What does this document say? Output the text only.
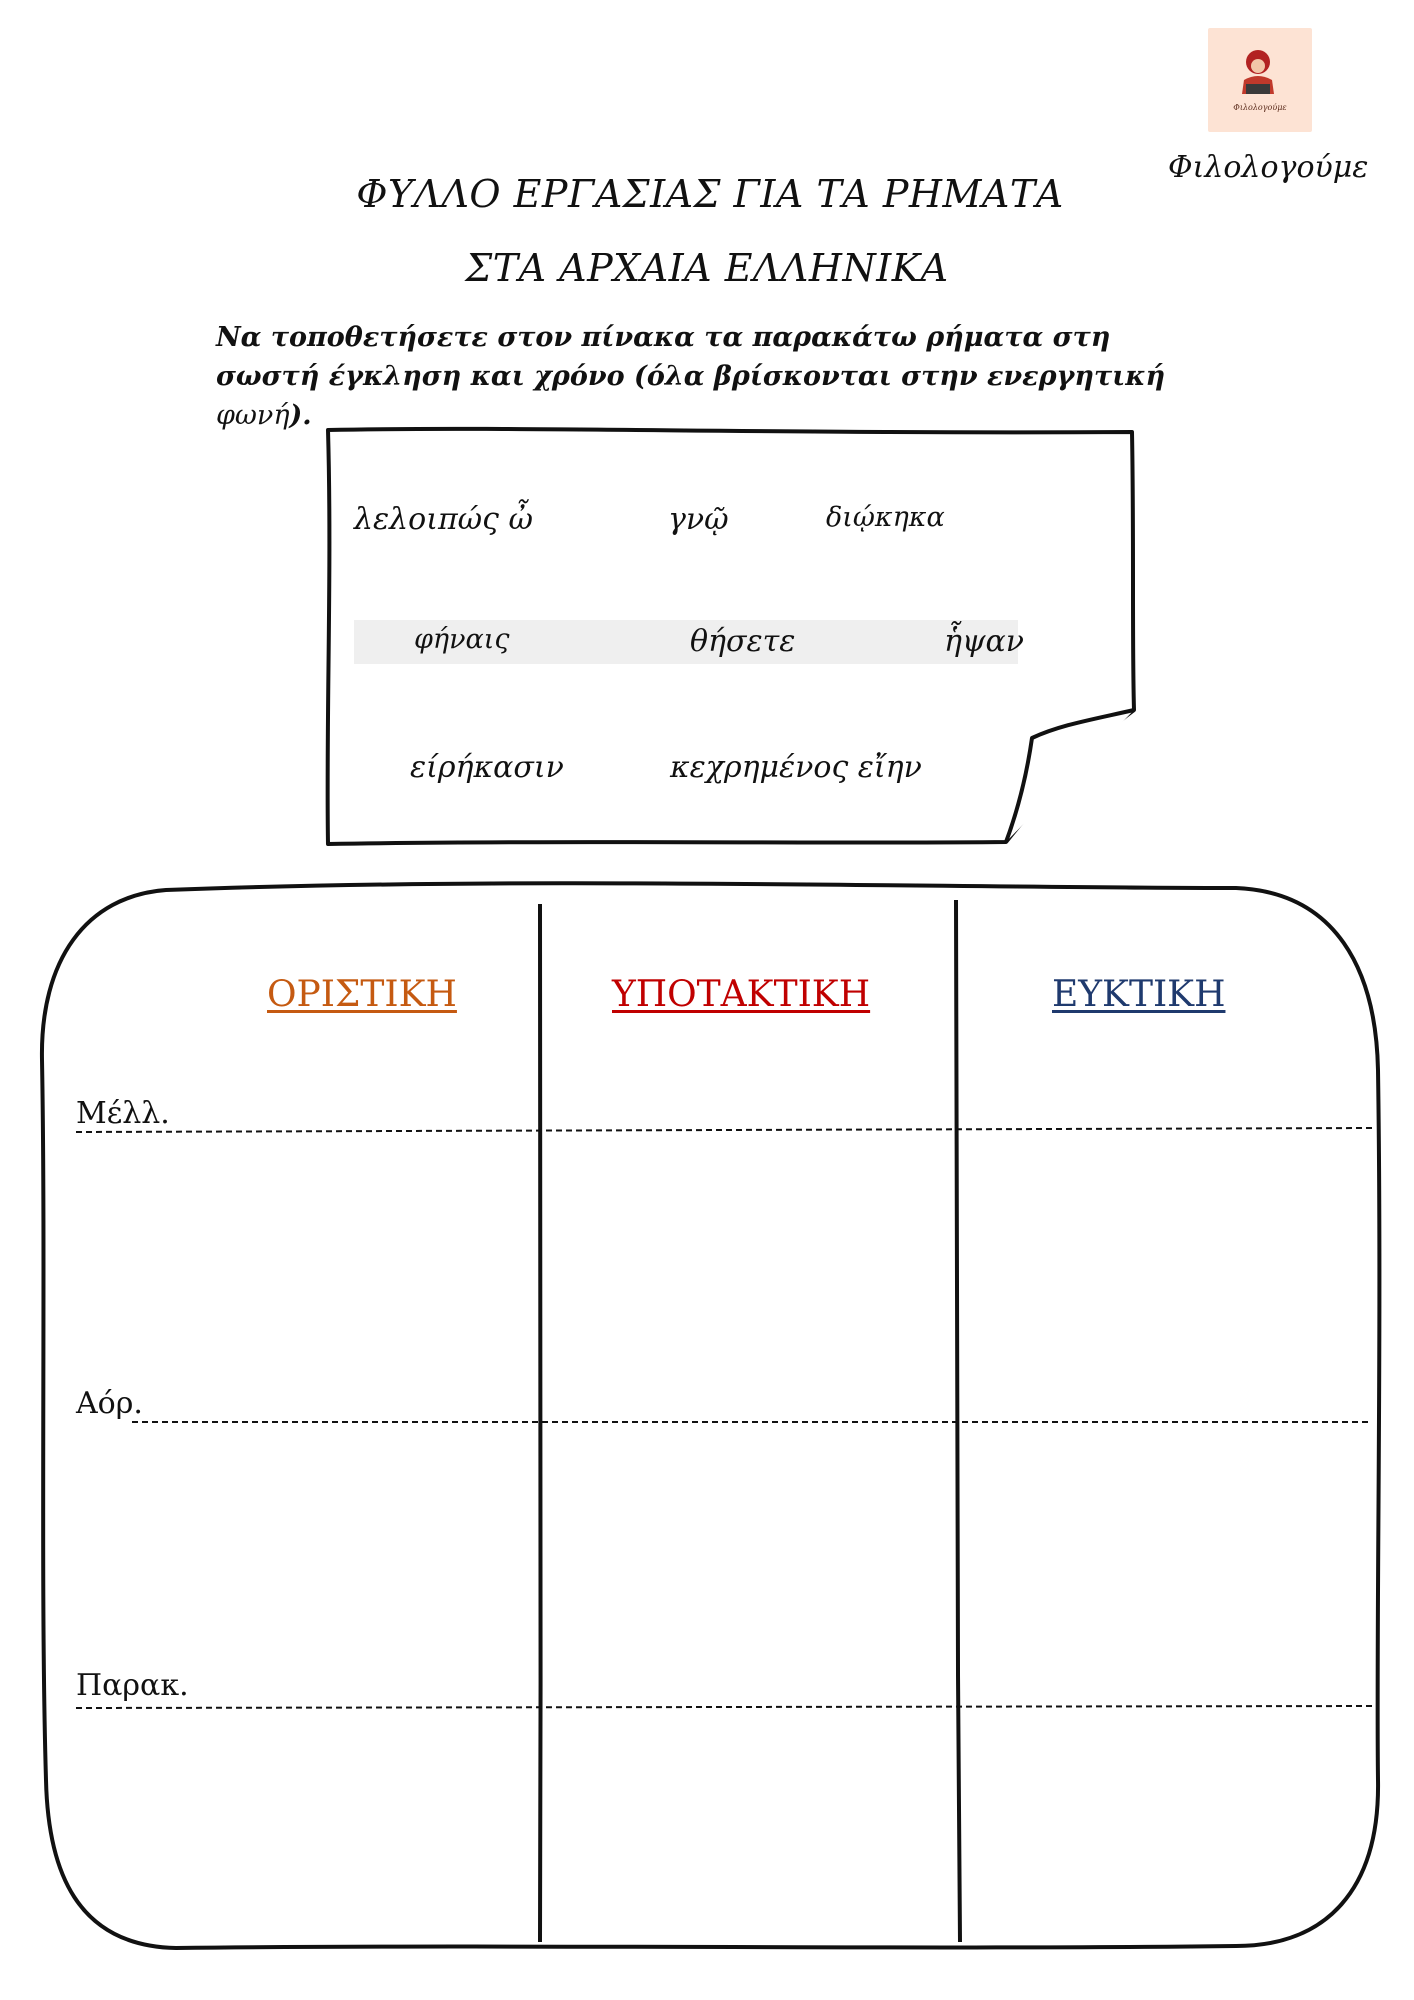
Φιλολογούμε
Φιλολογούμε
ΦΥΛΛΟ ΕΡΓΑΣΙΑΣ ΓΙΑ ΤΑ ΡΗΜΑΤΑ
ΣΤΑ ΑΡΧΑΙΑ ΕΛΛΗΝΙΚΑ
Να τοποθετήσετε στον πίνακα τα παρακάτω ρήματα στη σωστή έγκληση και χρόνο (όλα βρίσκονται στην ενεργητική φωνή).
λελοιπώς ὦ	γνῷ	διῴκηκα
φήναις	θήσετε	ἧψαν
είρήκασιν	κεχρημένος εἴην
ΟΡΙΣΤΙΚΗ	ΥΠΟΤΑΚΤΙΚΗ	ΕΥΚΤΙΚΗ
Μέλλ.
Αόρ.
Παρακ.
